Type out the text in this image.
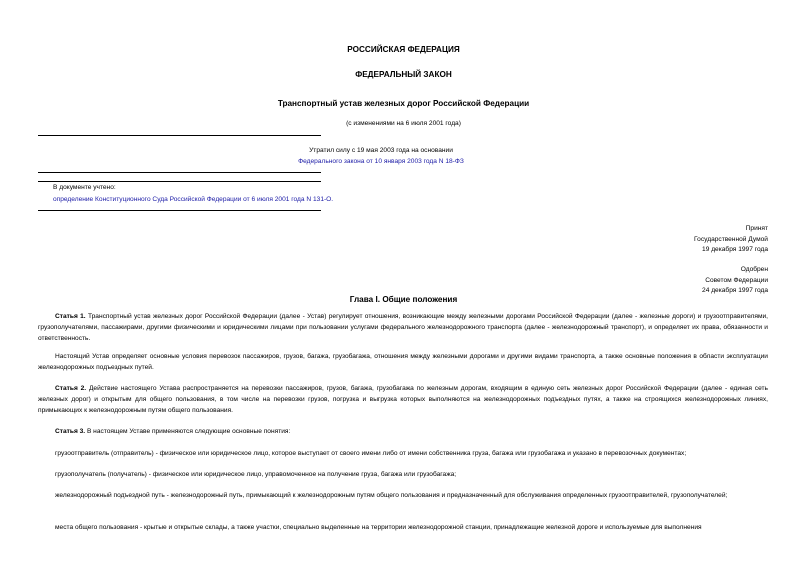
РОССИЙСКАЯ ФЕДЕРАЦИЯ
ФЕДЕРАЛЬНЫЙ ЗАКОН
Транспортный устав железных дорог Российской Федерации
(с изменениями на 6 июля 2001 года)
Утратил силу с 19 мая 2003 года на основании
Федерального закона от 10 января 2003 года N 18-ФЗ
В документе учтено:
определение Конституционного Суда Российской Федерации от 6 июля 2001 года N 131-О.
Принят
Государственной Думой
19 декабря 1997 года
Одобрен
Советом Федерации
24 декабря 1997 года
Глава I. Общие положения
Статья 1. Транспортный устав железных дорог Российской Федерации (далее - Устав) регулирует отношения, возникающие между железными дорогами Российской Федерации (далее - железные дороги) и грузоотправителями, грузополучателями, пассажирами, другими физическими и юридическими лицами при пользовании услугами федерального железнодорожного транспорта (далее - железнодорожный транспорт), и определяет их права, обязанности и ответственность.
Настоящий Устав определяет основные условия перевозок пассажиров, грузов, багажа, грузобагажа, отношения между железными дорогами и другими видами транспорта, а также основные положения в области эксплуатации железнодорожных подъездных путей.
Статья 2. Действие настоящего Устава распространяется на перевозки пассажиров, грузов, багажа, грузобагажа по железным дорогам, входящим в единую сеть железных дорог Российской Федерации (далее - единая сеть железных дорог) и открытым для общего пользования, в том числе на перевозки грузов, погрузка и выгрузка которых выполняются на железнодорожных подъездных путях, а также на строящихся железнодорожных линиях, примыкающих к железнодорожным путям общего пользования.
Статья 3. В настоящем Уставе применяются следующие основные понятия:
грузоотправитель (отправитель) - физическое или юридическое лицо, которое выступает от своего имени либо от имени собственника груза, багажа или грузобагажа и указано в перевозочных документах;
грузополучатель (получатель) - физическое или юридическое лицо, управомоченное на получение груза, багажа или грузобагажа;
железнодорожный подъездной путь - железнодорожный путь, примыкающий к железнодорожным путям общего пользования и предназначенный для обслуживания определенных грузоотправителей, грузополучателей;
места общего пользования - крытые и открытые склады, а также участки, специально выделенные на территории железнодорожной станции, принадлежащие железной дороге и используемые для выполнения
